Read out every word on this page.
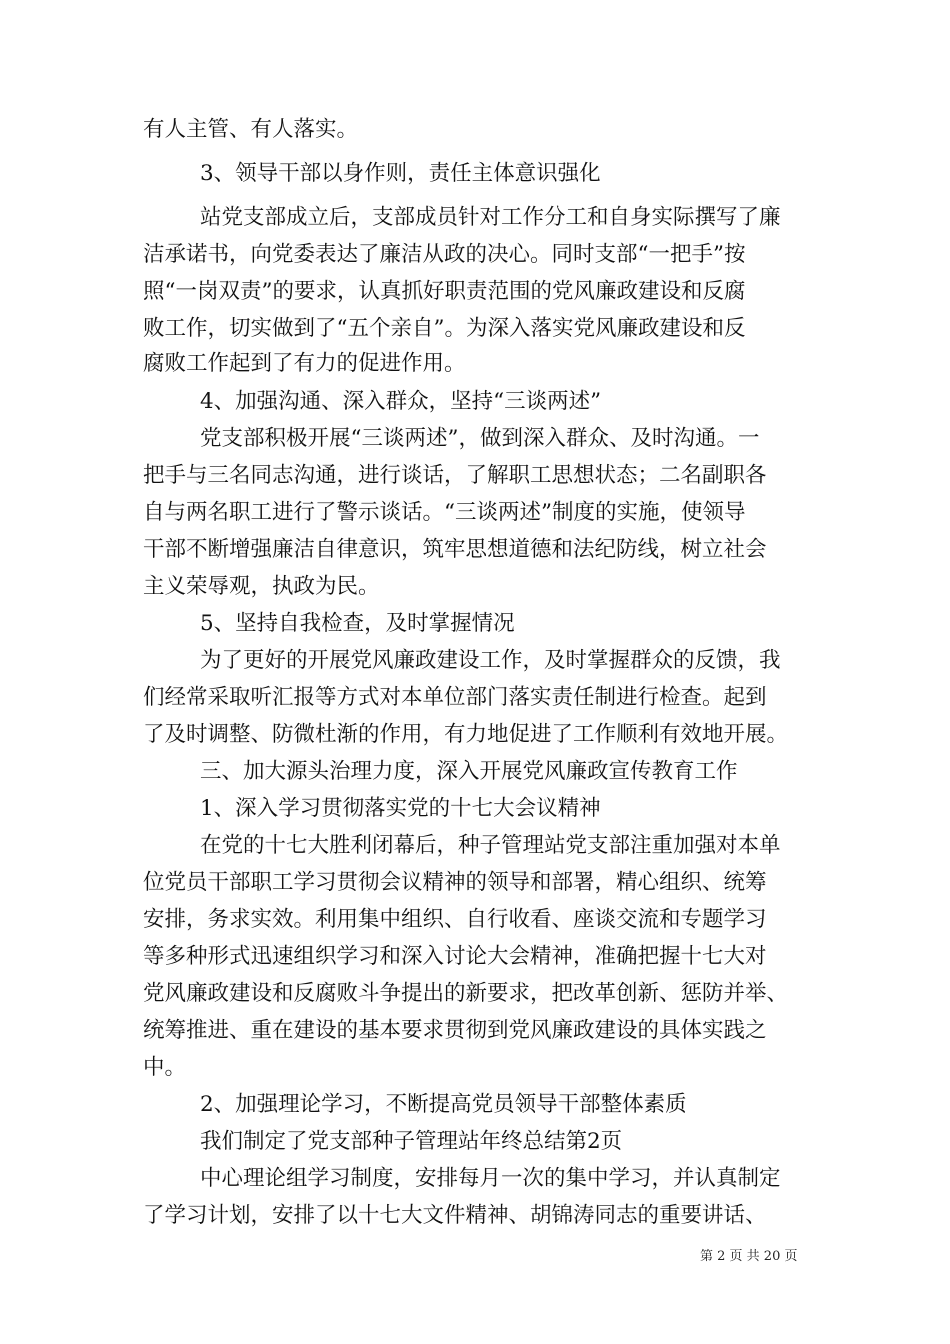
有人主管、有人落实。
3、领导干部以身作则，责任主体意识强化
站党支部成立后，支部成员针对工作分工和自身实际撰写了廉
洁承诺书，向党委表达了廉洁从政的决心。同时支部“一把手”按
照“一岗双责”的要求，认真抓好职责范围的党风廉政建设和反腐
败工作，切实做到了“五个亲自”。为深入落实党风廉政建设和反
腐败工作起到了有力的促进作用。
4、加强沟通、深入群众，坚持“三谈两述”
党支部积极开展“三谈两述”，做到深入群众、及时沟通。一
把手与三名同志沟通，进行谈话，了解职工思想状态；二名副职各
自与两名职工进行了警示谈话。“三谈两述”制度的实施，使领导
干部不断增强廉洁自律意识，筑牢思想道德和法纪防线，树立社会
主义荣辱观，执政为民。
5、坚持自我检查，及时掌握情况
为了更好的开展党风廉政建设工作，及时掌握群众的反馈，我
们经常采取听汇报等方式对本单位部门落实责任制进行检查。起到
了及时调整、防微杜渐的作用，有力地促进了工作顺利有效地开展。
三、加大源头治理力度，深入开展党风廉政宣传教育工作
1、深入学习贯彻落实党的十七大会议精神
在党的十七大胜利闭幕后，种子管理站党支部注重加强对本单
位党员干部职工学习贯彻会议精神的领导和部署，精心组织、统筹
安排，务求实效。利用集中组织、自行收看、座谈交流和专题学习
等多种形式迅速组织学习和深入讨论大会精神，准确把握十七大对
党风廉政建设和反腐败斗争提出的新要求，把改革创新、惩防并举、
统筹推进、重在建设的基本要求贯彻到党风廉政建设的具体实践之
中。
2、加强理论学习，不断提高党员领导干部整体素质
我们制定了党支部种子管理站年终总结第2页
中心理论组学习制度，安排每月一次的集中学习，并认真制定
了学习计划，安排了以十七大文件精神、胡锦涛同志的重要讲话、
第 2 页 共 20 页
